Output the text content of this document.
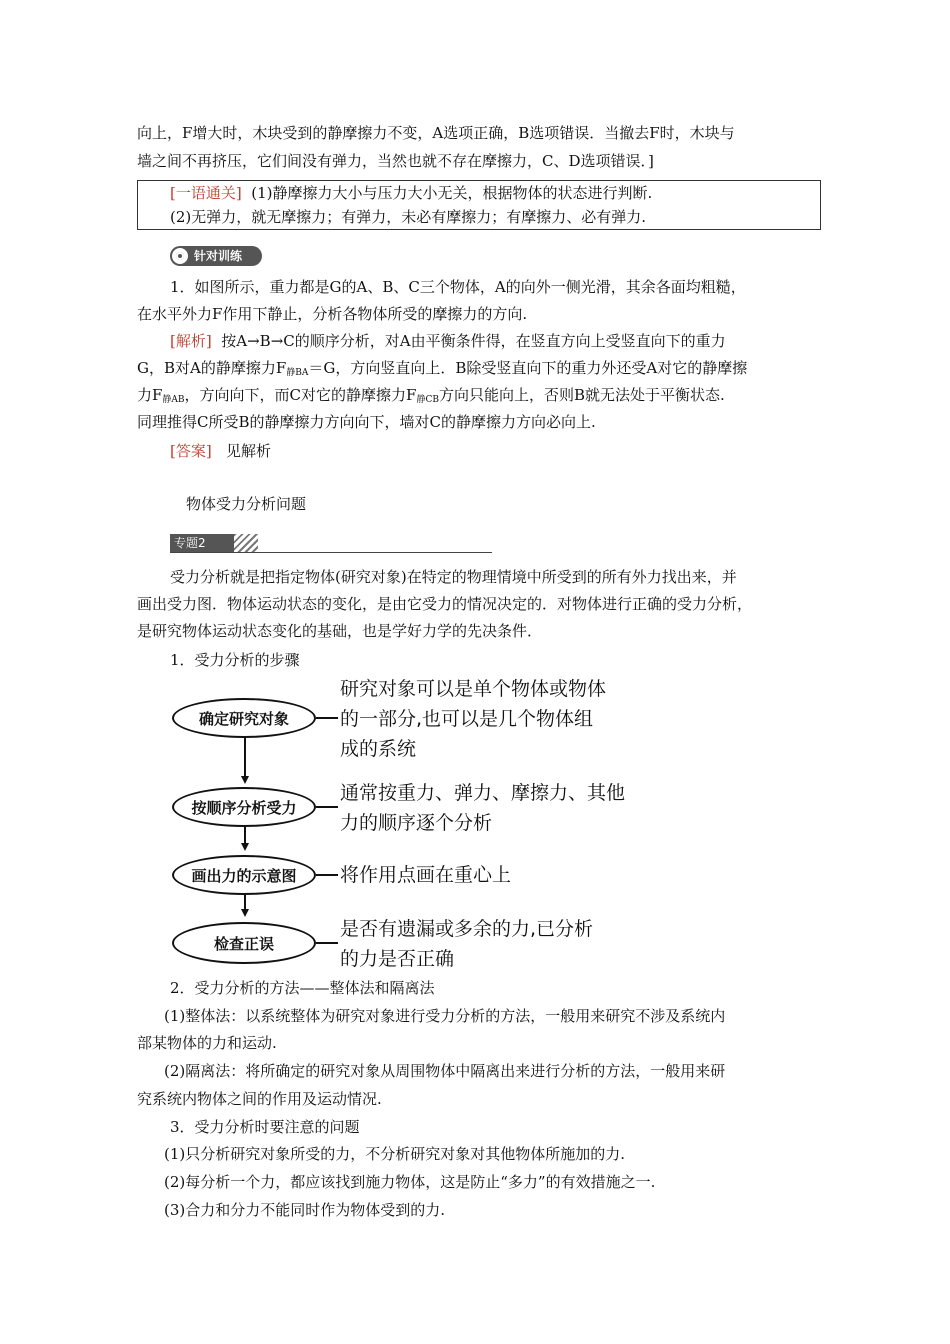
向上，F增大时，木块受到的静摩擦力不变，A选项正确，B选项错误．当撤去F时，木块与
墙之间不再挤压，它们间没有弹力，当然也就不存在摩擦力，C、D选项错误．]
[一语通关] (1)静摩擦力大小与压力大小无关，根据物体的状态进行判断.
(2)无弹力，就无摩擦力；有弹力，未必有摩擦力；有摩擦力、必有弹力.
针对训练
1．如图所示，重力都是G的A、B、C三个物体，A的向外一侧光滑，其余各面均粗糙，
在水平外力F作用下静止，分析各物体所受的摩擦力的方向.
[解析] 按A→B→C的顺序分析，对A由平衡条件得，在竖直方向上受竖直向下的重力
G，B对A的静摩擦力$F_{静BA}=G$，方向竖直向上．B除受竖直向下的重力外还受A对它的静摩擦
力$F_{静AB}$，方向向下，而C对它的静摩擦力$F_{静CB}$方向只能向上，否则B就无法处于平衡状态.
同理推得C所受B的静摩擦力方向向下，墙对C的静摩擦力方向必向上.
[答案] 见解析
物体受力分析问题
专题2
受力分析就是把指定物体(研究对象)在特定的物理情境中所受到的所有外力找出来，并
画出受力图．物体运动状态的变化，是由它受力的情况决定的．对物体进行正确的受力分析，
是研究物体运动状态变化的基础，也是学好力学的先决条件．
1．受力分析的步骤
确定研究对象
研究对象可以是单个物体或物体
的一部分,也可以是几个物体组
成的系统
按顺序分析受力
通常按重力、弹力、摩擦力、其他
力的顺序逐个分析
画出力的示意图	将作用点画在重心上
检查正误
是否有遗漏或多余的力,已分析
的力是否正确
2．受力分析的方法——整体法和隔离法
(1)整体法：以系统整体为研究对象进行受力分析的方法，一般用来研究不涉及系统内
部某物体的力和运动.
(2)隔离法：将所确定的研究对象从周围物体中隔离出来进行分析的方法，一般用来研
究系统内物体之间的作用及运动情况.
3．受力分析时要注意的问题
(1)只分析研究对象所受的力，不分析研究对象对其他物体所施加的力.
(2)每分析一个力，都应该找到施力物体，这是防止“多力”的有效措施之一.
(3)合力和分力不能同时作为物体受到的力.
